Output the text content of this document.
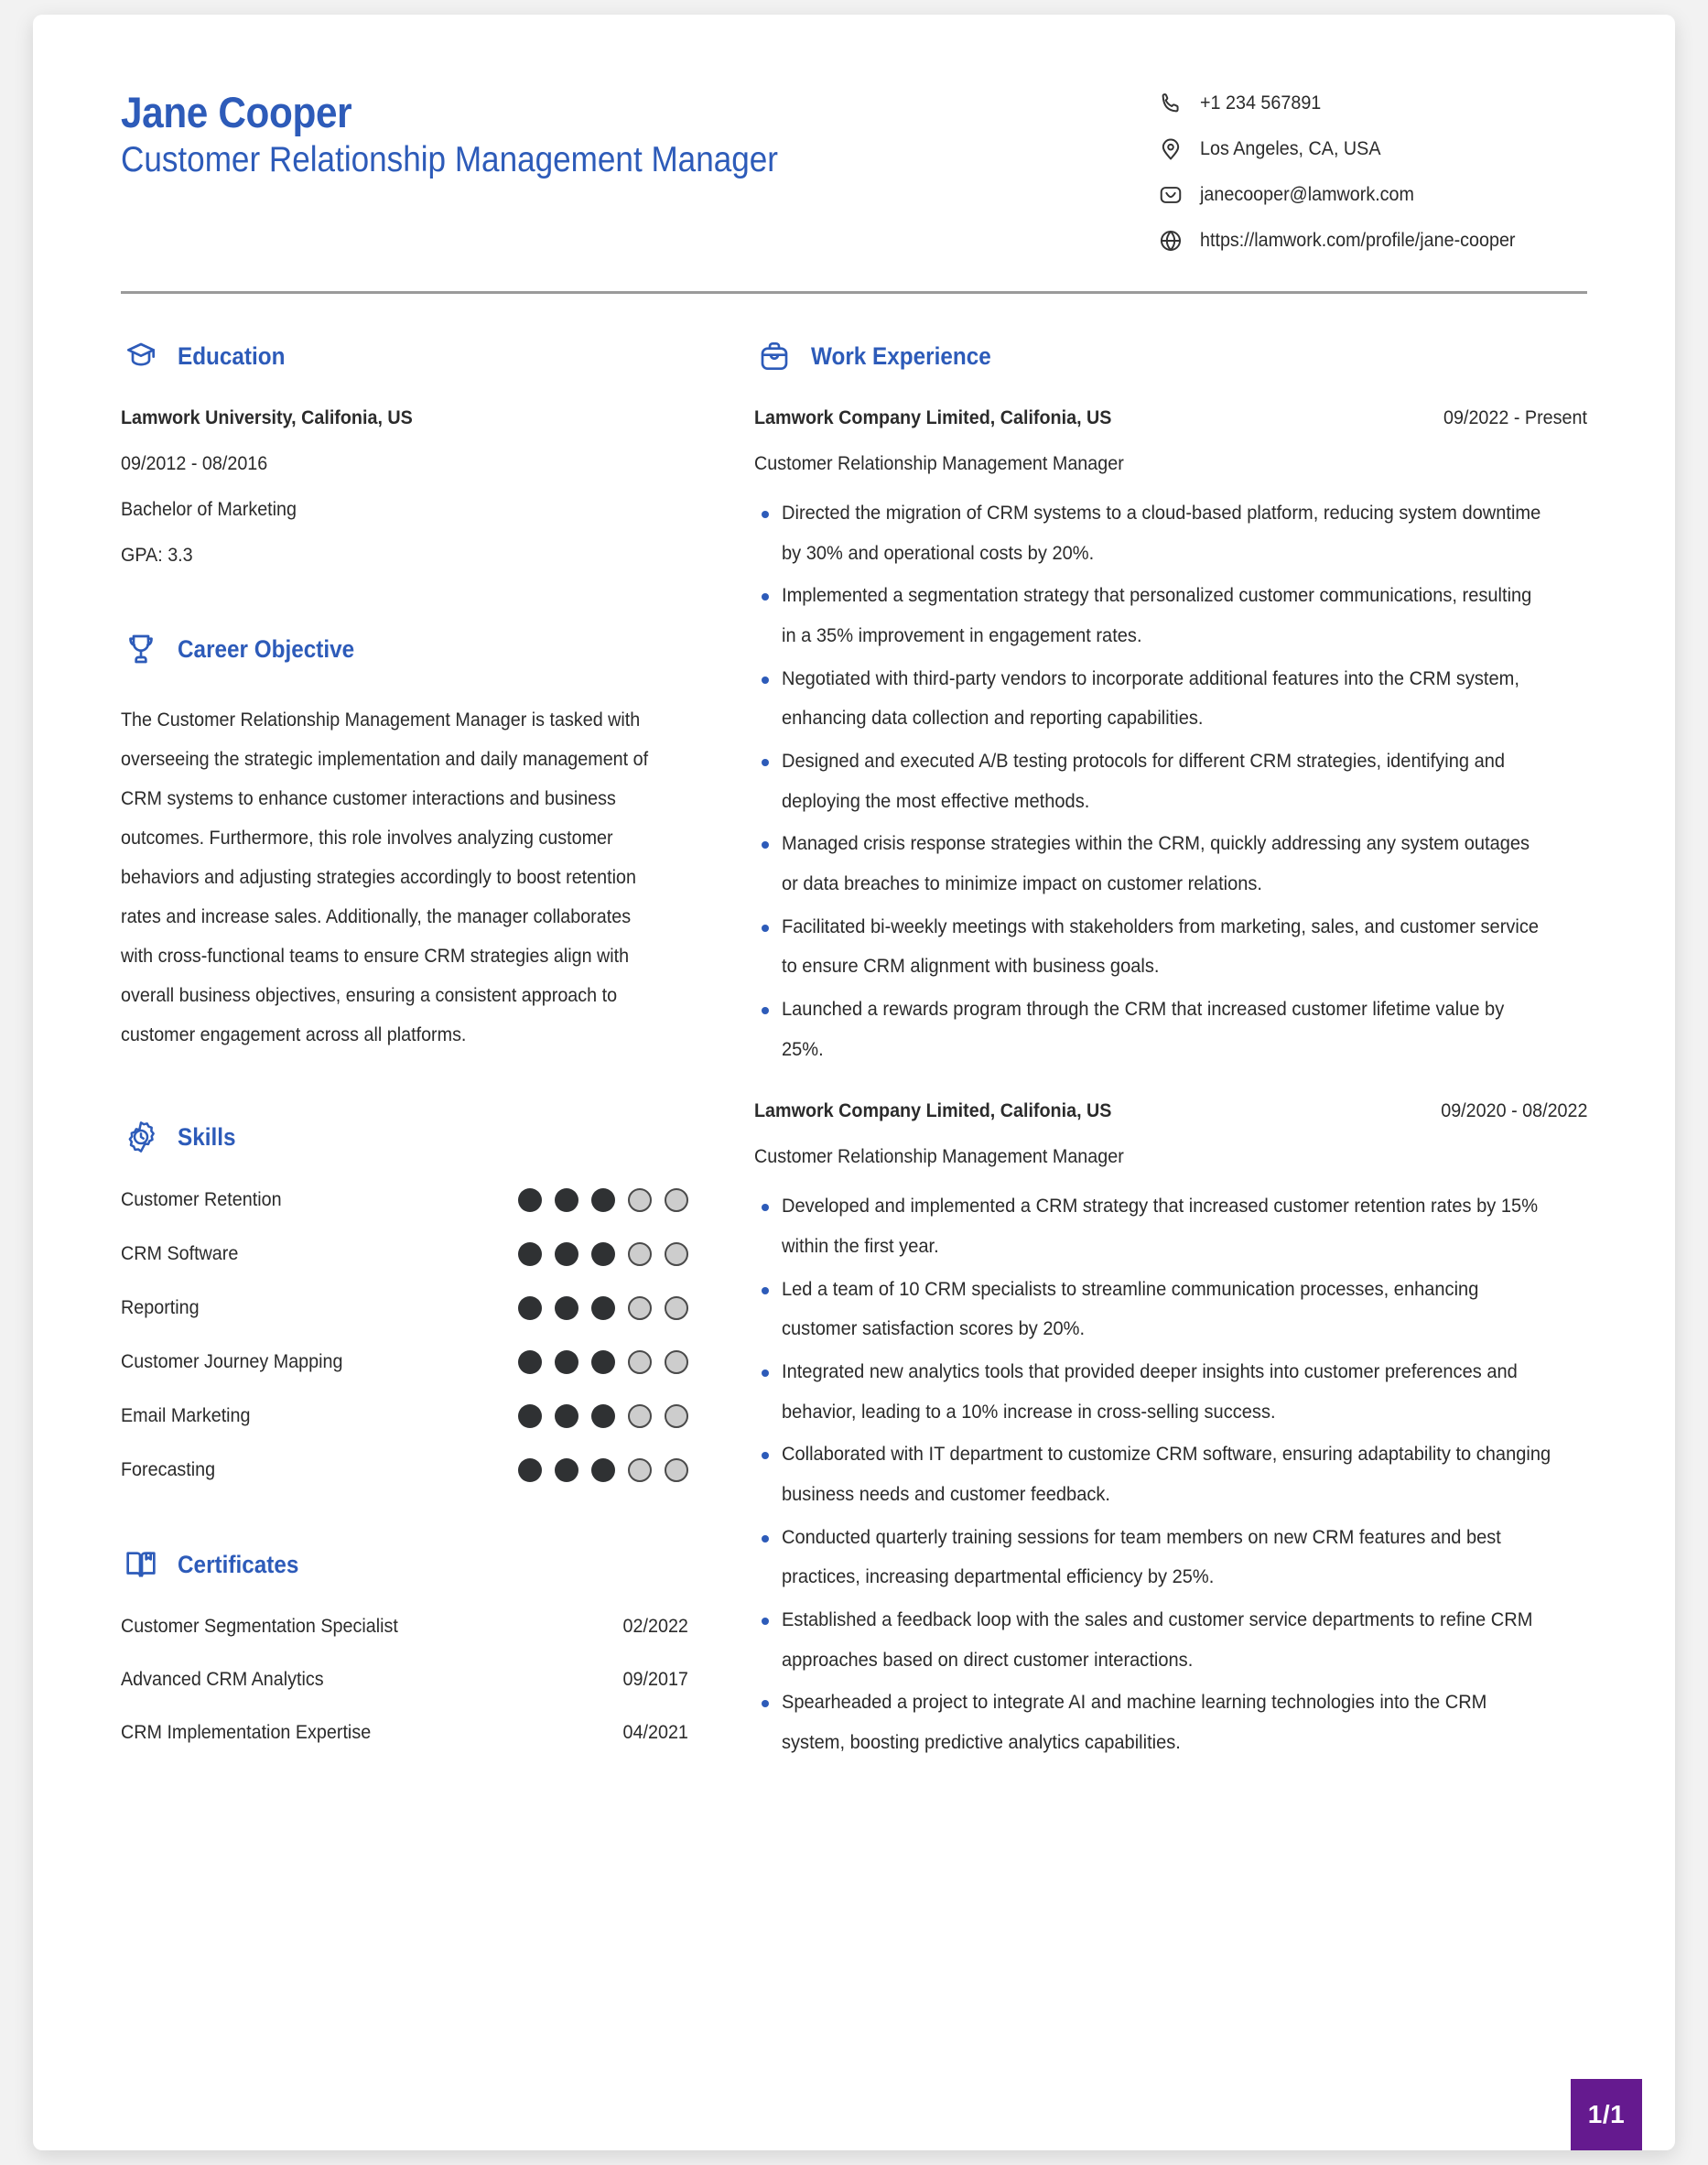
Jane Cooper
Customer Relationship Management Manager
+1 234 567891
Los Angeles, CA, USA
janecooper@lamwork.com
https://lamwork.com/profile/jane-cooper
Education
Lamwork University, Califonia, US
09/2012 - 08/2016
Bachelor of Marketing
GPA: 3.3
Career Objective
The Customer Relationship Management Manager is tasked with overseeing the strategic implementation and daily management of CRM systems to enhance customer interactions and business outcomes. Furthermore, this role involves analyzing customer behaviors and adjusting strategies accordingly to boost retention rates and increase sales. Additionally, the manager collaborates with cross-functional teams to ensure CRM strategies align with overall business objectives, ensuring a consistent approach to customer engagement across all platforms.
Skills
Customer Retention
CRM Software
Reporting
Customer Journey Mapping
Email Marketing
Forecasting
Certificates
Customer Segmentation Specialist	02/2022
Advanced CRM Analytics	09/2017
CRM Implementation Expertise	04/2021
Work Experience
Lamwork Company Limited, Califonia, US	09/2022 - Present
Customer Relationship Management Manager
Directed the migration of CRM systems to a cloud-based platform, reducing system downtime by 30% and operational costs by 20%.
Implemented a segmentation strategy that personalized customer communications, resulting in a 35% improvement in engagement rates.
Negotiated with third-party vendors to incorporate additional features into the CRM system, enhancing data collection and reporting capabilities.
Designed and executed A/B testing protocols for different CRM strategies, identifying and deploying the most effective methods.
Managed crisis response strategies within the CRM, quickly addressing any system outages or data breaches to minimize impact on customer relations.
Facilitated bi-weekly meetings with stakeholders from marketing, sales, and customer service to ensure CRM alignment with business goals.
Launched a rewards program through the CRM that increased customer lifetime value by 25%.
Lamwork Company Limited, Califonia, US	09/2020 - 08/2022
Customer Relationship Management Manager
Developed and implemented a CRM strategy that increased customer retention rates by 15% within the first year.
Led a team of 10 CRM specialists to streamline communication processes, enhancing customer satisfaction scores by 20%.
Integrated new analytics tools that provided deeper insights into customer preferences and behavior, leading to a 10% increase in cross-selling success.
Collaborated with IT department to customize CRM software, ensuring adaptability to changing business needs and customer feedback.
Conducted quarterly training sessions for team members on new CRM features and best practices, increasing departmental efficiency by 25%.
Established a feedback loop with the sales and customer service departments to refine CRM approaches based on direct customer interactions.
Spearheaded a project to integrate AI and machine learning technologies into the CRM system, boosting predictive analytics capabilities.
1/1
